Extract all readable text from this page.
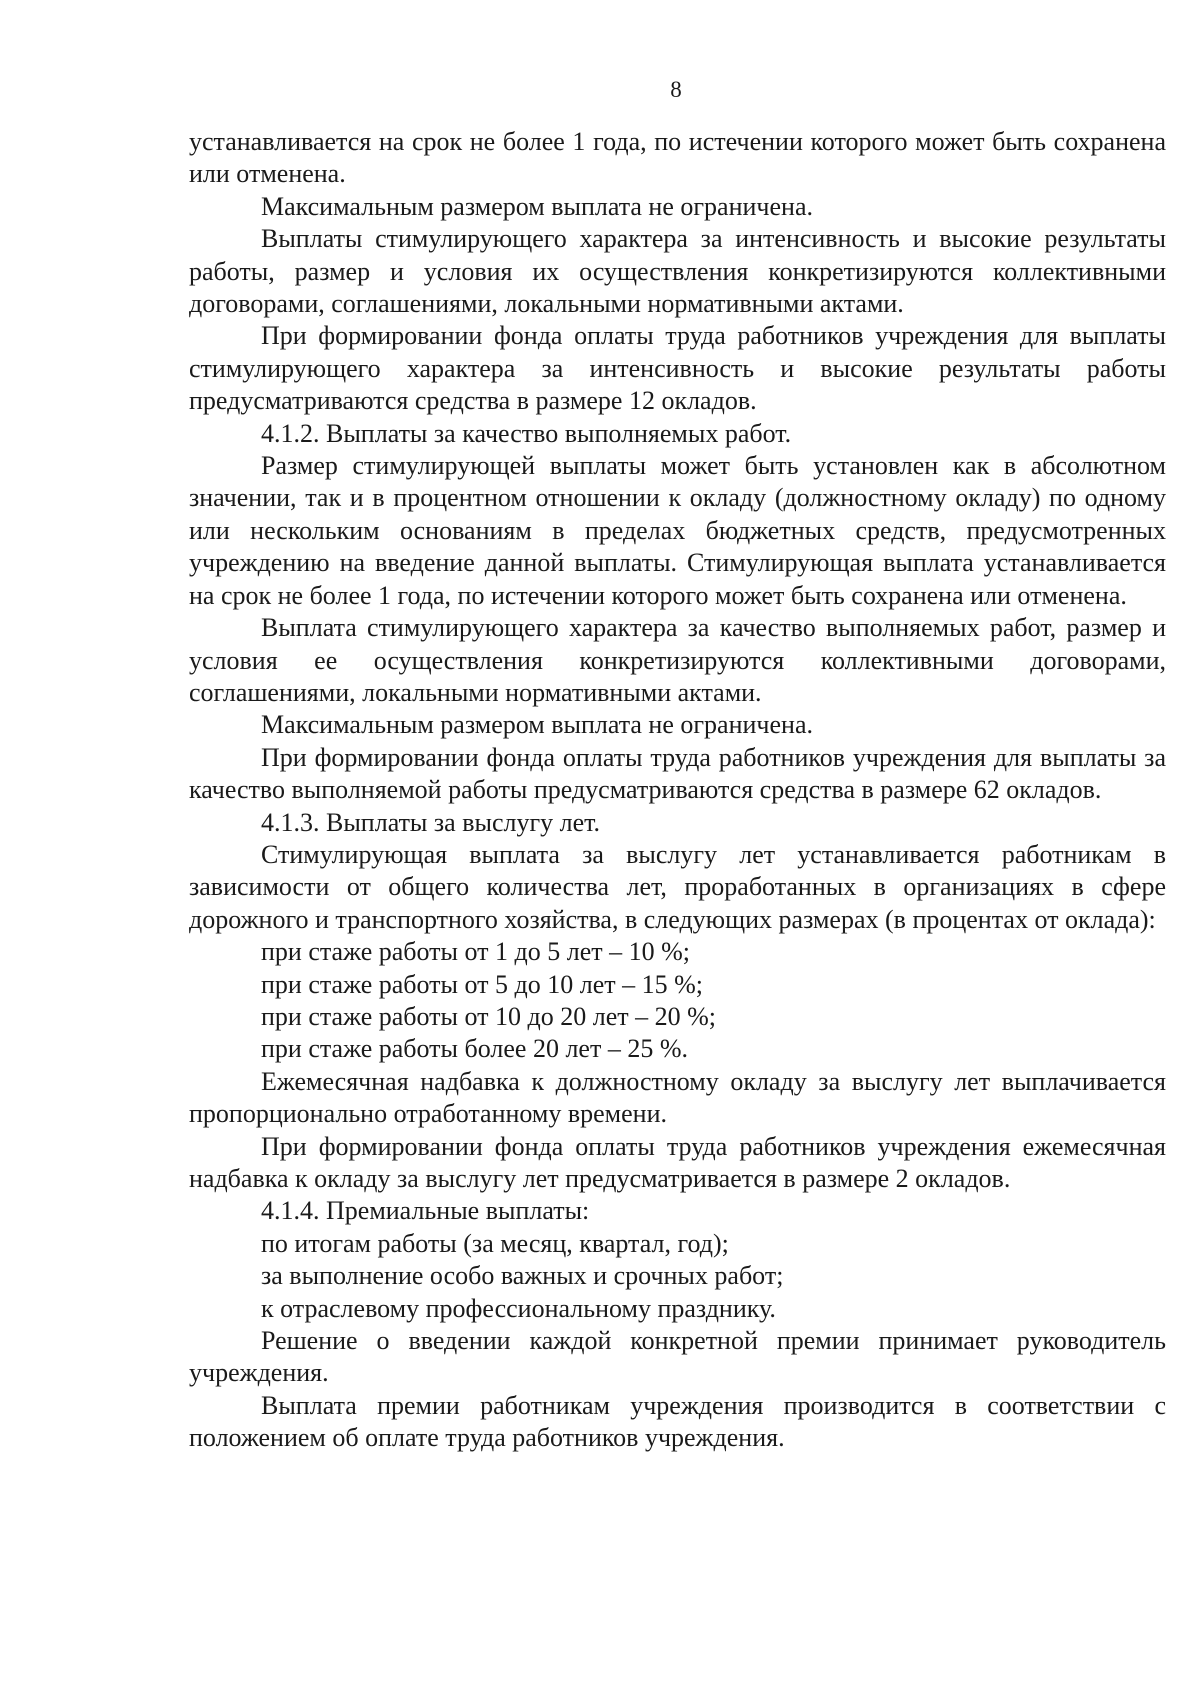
8

устанавливается на срок не более 1 года, по истечении которого может быть сохранена или отменена.

Максимальным размером выплата не ограничена.

Выплаты стимулирующего характера за интенсивность и высокие результаты работы, размер и условия их осуществления конкретизируются коллективными договорами, соглашениями, локальными нормативными актами.

При формировании фонда оплаты труда работников учреждения для выплаты стимулирующего характера за интенсивность и высокие результаты работы предусматриваются средства в размере 12 окладов.

4.1.2. Выплаты за качество выполняемых работ.

Размер стимулирующей выплаты может быть установлен как в абсолютном значении, так и в процентном отношении к окладу (должностному окладу) по одному или нескольким основаниям в пределах бюджетных средств, предусмотренных учреждению на введение данной выплаты. Стимулирующая выплата устанавливается на срок не более 1 года, по истечении которого может быть сохранена или отменена.

Выплата стимулирующего характера за качество выполняемых работ, размер и условия ее осуществления конкретизируются коллективными договорами, соглашениями, локальными нормативными актами.

Максимальным размером выплата не ограничена.

При формировании фонда оплаты труда работников учреждения для выплаты за качество выполняемой работы предусматриваются средства в размере 62 окладов.

4.1.3. Выплаты за выслугу лет.

Стимулирующая выплата за выслугу лет устанавливается работникам в зависимости от общего количества лет, проработанных в организациях в сфере дорожного и транспортного хозяйства, в следующих размерах (в процентах от оклада):

при стаже работы от 1 до 5 лет – 10 %;

при стаже работы от 5 до 10 лет – 15 %;

при стаже работы от 10 до 20 лет – 20 %;

при стаже работы более 20 лет – 25 %.

Ежемесячная надбавка к должностному окладу за выслугу лет выплачивается пропорционально отработанному времени.

При формировании фонда оплаты труда работников учреждения ежемесячная надбавка к окладу за выслугу лет предусматривается в размере 2 окладов.

4.1.4. Премиальные выплаты:

по итогам работы (за месяц, квартал, год);

за выполнение особо важных и срочных работ;

к отраслевому профессиональному празднику.

Решение о введении каждой конкретной премии принимает руководитель учреждения.

Выплата премии работникам учреждения производится в соответствии с положением об оплате труда работников учреждения.
